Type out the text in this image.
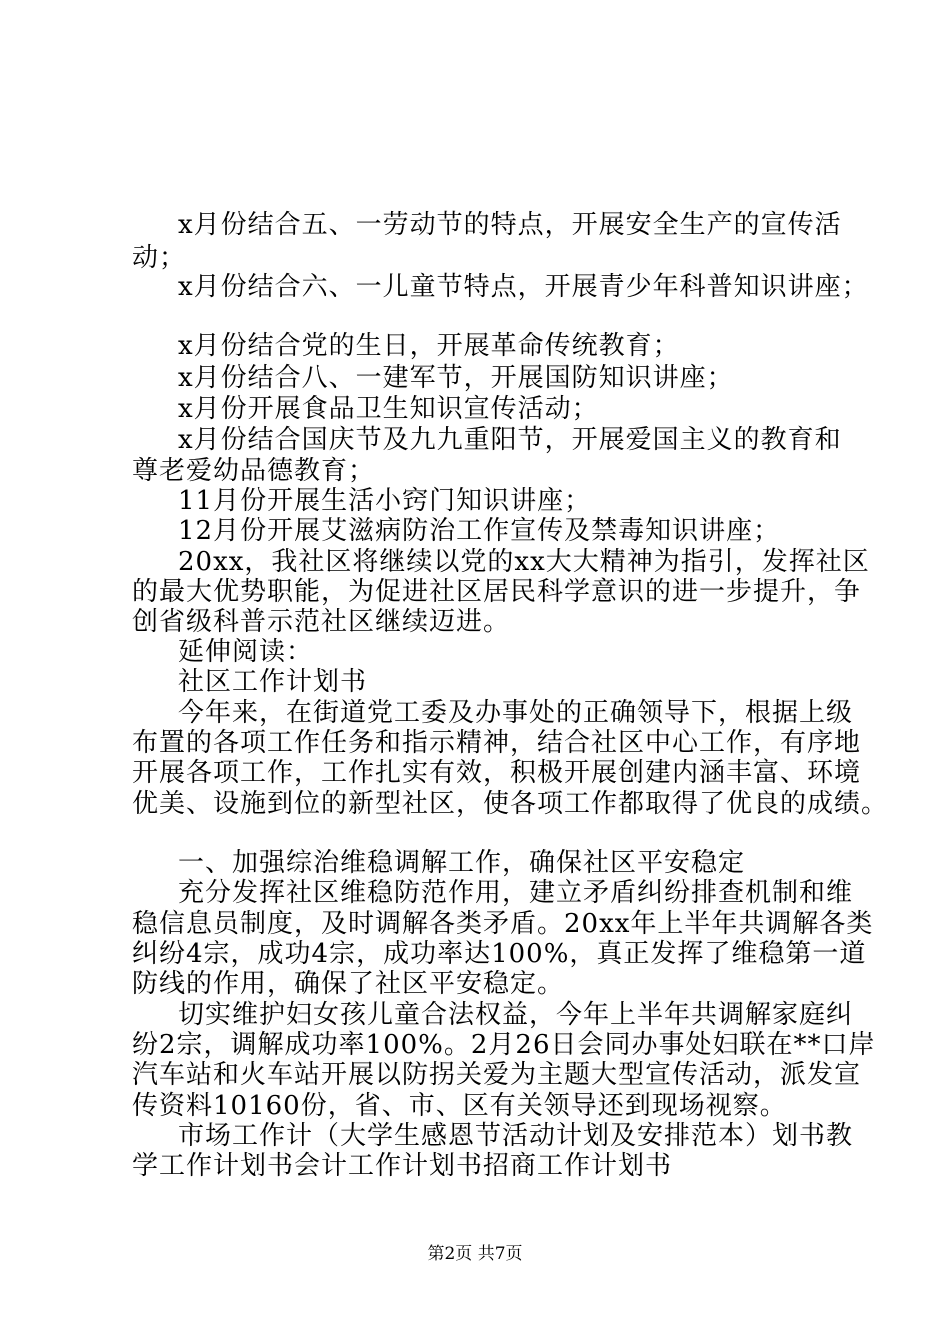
x月份结合五、一劳动节的特点，开展安全生产的宣传活
动；
x月份结合六、一儿童节特点，开展青少年科普知识讲座；
x月份结合党的生日，开展革命传统教育；
x月份结合八、一建军节，开展国防知识讲座；
x月份开展食品卫生知识宣传活动；
x月份结合国庆节及九九重阳节，开展爱国主义的教育和
尊老爱幼品德教育；
11月份开展生活小窍门知识讲座；
12月份开展艾滋病防治工作宣传及禁毒知识讲座；
20xx，我社区将继续以党的xx大大精神为指引，发挥社区
的最大优势职能，为促进社区居民科学意识的进一步提升，争
创省级科普示范社区继续迈进。
延伸阅读：
社区工作计划书
今年来，在街道党工委及办事处的正确领导下，根据上级
布置的各项工作任务和指示精神，结合社区中心工作，有序地
开展各项工作，工作扎实有效，积极开展创建内涵丰富、环境
优美、设施到位的新型社区，使各项工作都取得了优良的成绩。
一、加强综治维稳调解工作，确保社区平安稳定
充分发挥社区维稳防范作用，建立矛盾纠纷排查机制和维
稳信息员制度，及时调解各类矛盾。20xx年上半年共调解各类
纠纷4宗，成功4宗，成功率达100%，真正发挥了维稳第一道
防线的作用，确保了社区平安稳定。
切实维护妇女孩儿童合法权益，今年上半年共调解家庭纠
纷2宗，调解成功率100%。2月26日会同办事处妇联在**口岸
汽车站和火车站开展以防拐关爱为主题大型宣传活动，派发宣
传资料10160份，省、市、区有关领导还到现场视察。
市场工作计（大学生感恩节活动计划及安排范本）划书教
学工作计划书会计工作计划书招商工作计划书
第2页 共7页
